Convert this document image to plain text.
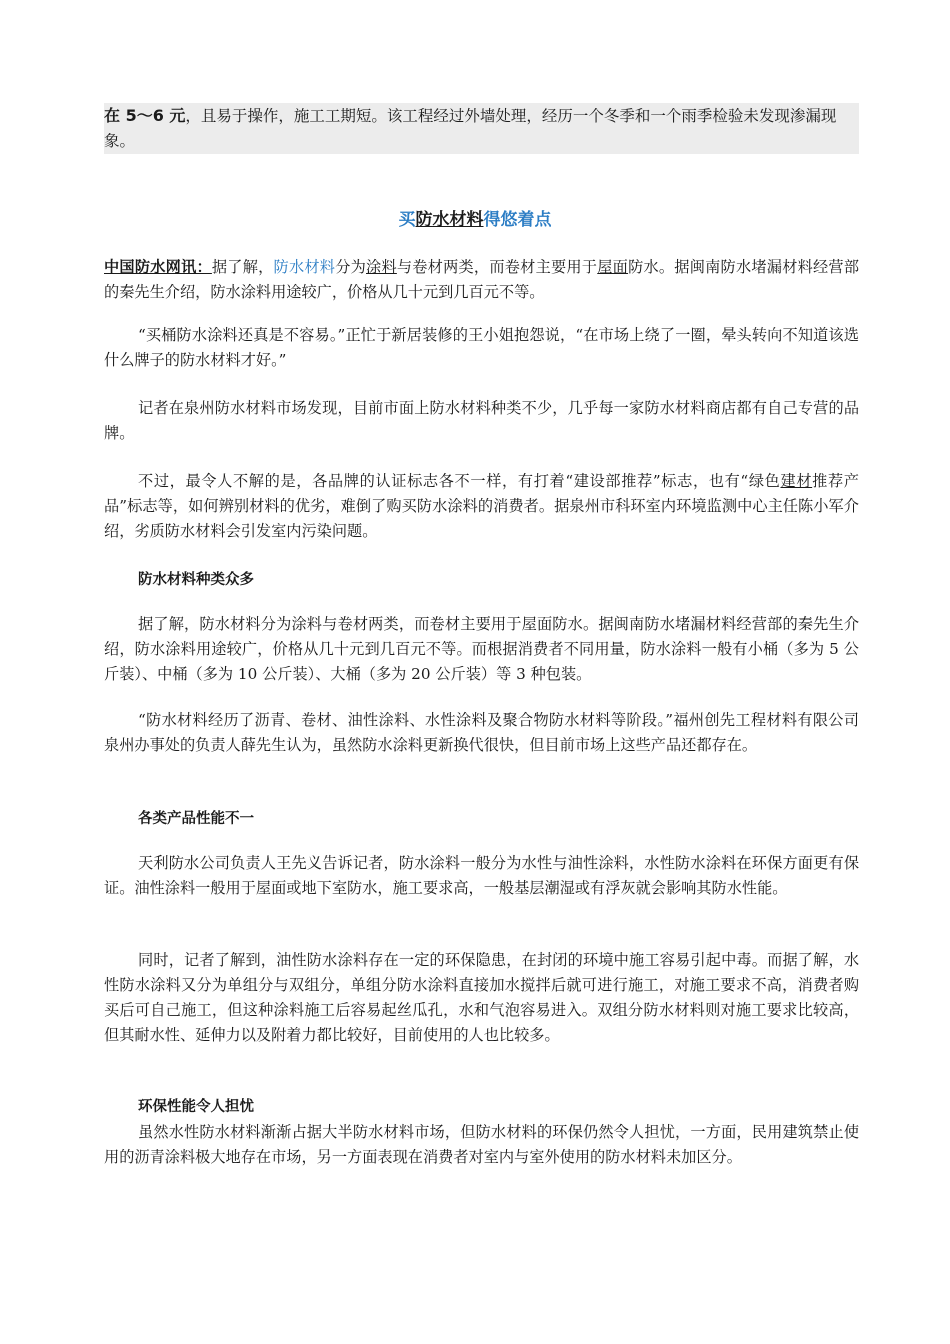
在 5～6 元，且易于操作，施工工期短。该工程经过外墙处理，经历一个冬季和一个雨季检验未发现渗漏现象。
买防水材料得悠着点

中国防水网讯：据了解，防水材料分为涂料与卷材两类，而卷材主要用于屋面防水。据闽南防水堵漏材料经营部的秦先生介绍，防水涂料用途较广，价格从几十元到几百元不等。

“买桶防水涂料还真是不容易。”正忙于新居装修的王小姐抱怨说，“在市场上绕了一圈，晕头转向不知道该选什么牌子的防水材料才好。”

记者在泉州防水材料市场发现，目前市面上防水材料种类不少，几乎每一家防水材料商店都有自己专营的品牌。

不过，最令人不解的是，各品牌的认证标志各不一样，有打着“建设部推荐”标志，也有“绿色建材推荐产品”标志等，如何辨别材料的优劣，难倒了购买防水涂料的消费者。据泉州市科环室内环境监测中心主任陈小军介绍，劣质防水材料会引发室内污染问题。

防水材料种类众多

据了解，防水材料分为涂料与卷材两类，而卷材主要用于屋面防水。据闽南防水堵漏材料经营部的秦先生介绍，防水涂料用途较广，价格从几十元到几百元不等。而根据消费者不同用量，防水涂料一般有小桶（多为 5 公斤装）、中桶（多为 10 公斤装）、大桶（多为 20 公斤装）等 3 种包装。

“防水材料经历了沥青、卷材、油性涂料、水性涂料及聚合物防水材料等阶段。”福州创先工程材料有限公司泉州办事处的负责人薛先生认为，虽然防水涂料更新换代很快，但目前市场上这些产品还都存在。

各类产品性能不一

天利防水公司负责人王先义告诉记者，防水涂料一般分为水性与油性涂料，水性防水涂料在环保方面更有保证。油性涂料一般用于屋面或地下室防水，施工要求高，一般基层潮湿或有浮灰就会影响其防水性能。

同时，记者了解到，油性防水涂料存在一定的环保隐患，在封闭的环境中施工容易引起中毒。而据了解，水性防水涂料又分为单组分与双组分，单组分防水涂料直接加水搅拌后就可进行施工，对施工要求不高，消费者购买后可自己施工，但这种涂料施工后容易起丝瓜孔，水和气泡容易进入。双组分防水材料则对施工要求比较高，但其耐水性、延伸力以及附着力都比较好，目前使用的人也比较多。

环保性能令人担忧

虽然水性防水材料渐渐占据大半防水材料市场，但防水材料的环保仍然令人担忧，一方面，民用建筑禁止使用的沥青涂料极大地存在市场，另一方面表现在消费者对室内与室外使用的防水材料未加区分。
